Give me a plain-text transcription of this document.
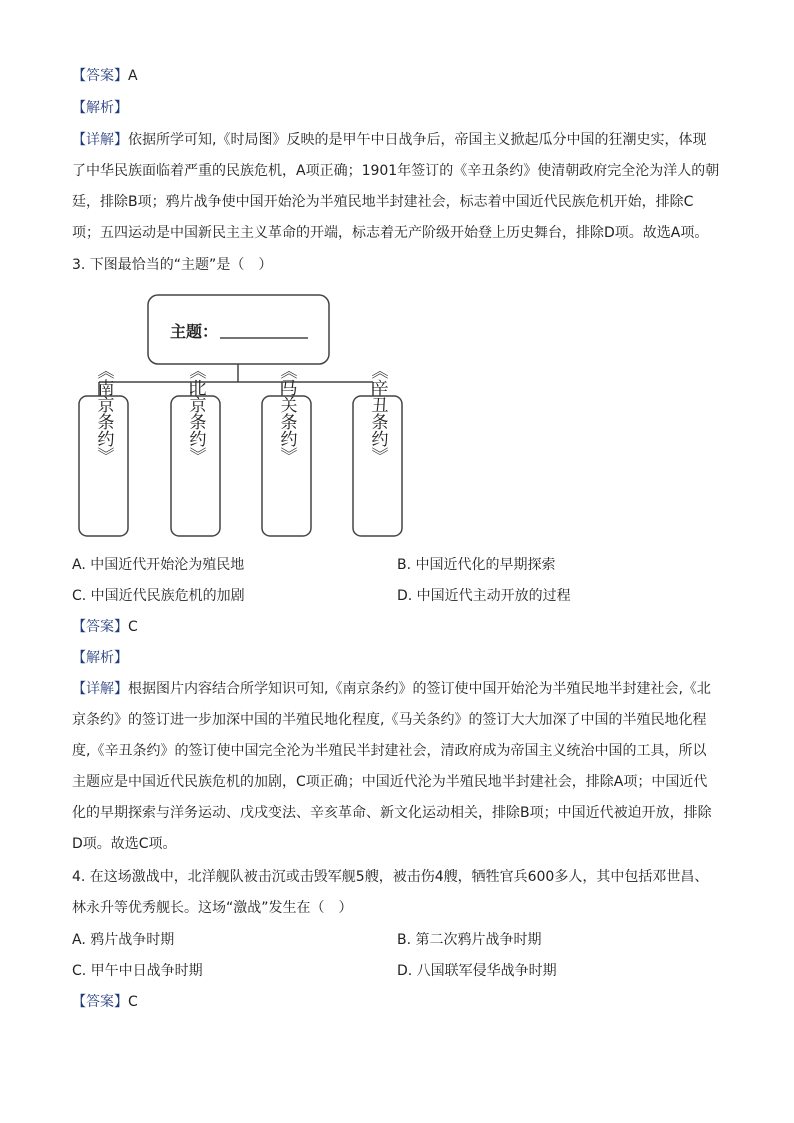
【答案】A
【解析】
【详解】依据所学可知,《时局图》反映的是甲午中日战争后，帝国主义掀起瓜分中国的狂潮史实，体现
了中华民族面临着严重的民族危机，A项正确；1901年签订的《辛丑条约》使清朝政府完全沦为洋人的朝
廷，排除B项；鸦片战争使中国开始沦为半殖民地半封建社会，标志着中国近代民族危机开始，排除C
项；五四运动是中国新民主主义革命的开端，标志着无产阶级开始登上历史舞台，排除D项。故选A项。
3. 下图最恰当的“主题”是（　）
主题：
《南京条约》	《北京条约》	《马关条约》	《辛丑条约》
A. 中国近代开始沦为殖民地	B. 中国近代化的早期探索
C. 中国近代民族危机的加剧	D. 中国近代主动开放的过程
【答案】C
【解析】
【详解】根据图片内容结合所学知识可知,《南京条约》的签订使中国开始沦为半殖民地半封建社会,《北
京条约》的签订进一步加深中国的半殖民地化程度,《马关条约》的签订大大加深了中国的半殖民地化程
度,《辛丑条约》的签订使中国完全沦为半殖民半封建社会，清政府成为帝国主义统治中国的工具，所以
主题应是中国近代民族危机的加剧，C项正确；中国近代沦为半殖民地半封建社会，排除A项；中国近代
化的早期探索与洋务运动、戊戌变法、辛亥革命、新文化运动相关，排除B项；中国近代被迫开放，排除
D项。故选C项。
4. 在这场激战中，北洋舰队被击沉或击毁军舰5艘，被击伤4艘，牺牲官兵600多人，其中包括邓世昌、
林永升等优秀舰长。这场“激战”发生在（　）
A. 鸦片战争时期	B. 第二次鸦片战争时期
C. 甲午中日战争时期	D. 八国联军侵华战争时期
【答案】C
